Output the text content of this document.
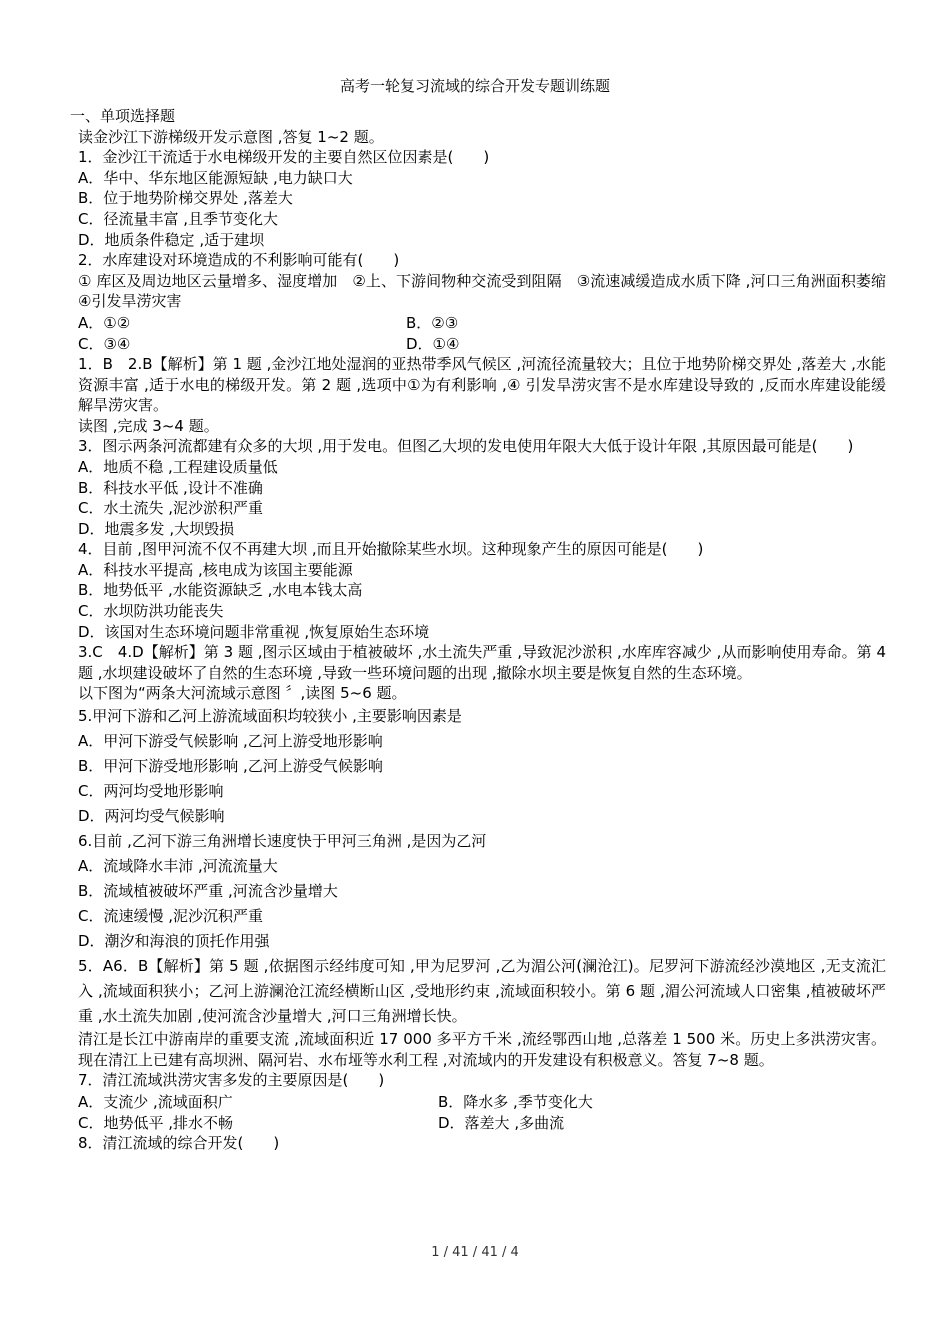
高考一轮复习流域的综合开发专题训练题
一、单项选择题
读金沙江下游梯级开发示意图 ,答复 1~2 题。
1．金沙江干流适于水电梯级开发的主要自然区位因素是(　　)
A．华中、华东地区能源短缺 ,电力缺口大
B．位于地势阶梯交界处 ,落差大
C．径流量丰富 ,且季节变化大
D．地质条件稳定 ,适于建坝
2．水库建设对环境造成的不利影响可能有(　　)
① 库区及周边地区云量增多、湿度增加　②上、下游间物种交流受到阻隔　③流速减缓造成水质下降 ,河口三角洲面积萎缩　④引发旱涝灾害
A．①②	B．②③
C．③④	D．①④
1．B　2.B【解析】第 1 题 ,金沙江地处湿润的亚热带季风气候区 ,河流径流量较大；且位于地势阶梯交界处 ,落差大 ,水能资源丰富 ,适于水电的梯级开发。第 2 题 ,选项中①为有利影响 ,④ 引发旱涝灾害不是水库建设导致的 ,反而水库建设能缓解旱涝灾害。
读图 ,完成 3~4 题。
3．图示两条河流都建有众多的大坝 ,用于发电。但图乙大坝的发电使用年限大大低于设计年限 ,其原因最可能是(　　)
A．地质不稳 ,工程建设质量低
B．科技水平低 ,设计不准确
C．水土流失 ,泥沙淤积严重
D．地震多发 ,大坝毁损
4．目前 ,图甲河流不仅不再建大坝 ,而且开始撤除某些水坝。这种现象产生的原因可能是(　　)
A．科技水平提高 ,核电成为该国主要能源
B．地势低平 ,水能资源缺乏 ,水电本钱太高
C．水坝防洪功能丧失
D．该国对生态环境问题非常重视 ,恢复原始生态环境
3.C　4.D【解析】第 3 题 ,图示区域由于植被破坏 ,水土流失严重 ,导致泥沙淤积 ,水库库容减少 ,从而影响使用寿命。第 4 题 ,水坝建设破坏了自然的生态环境 ,导致一些环境问题的出现 ,撤除水坝主要是恢复自然的生态环境。
以下图为“两条大河流域示意图 〞,读图 5~6 题。
5.甲河下游和乙河上游流域面积均较狭小 ,主要影响因素是
A．甲河下游受气候影响 ,乙河上游受地形影响
B．甲河下游受地形影响 ,乙河上游受气候影响
C．两河均受地形影响
D．两河均受气候影响
6.目前 ,乙河下游三角洲增长速度快于甲河三角洲 ,是因为乙河
A．流域降水丰沛 ,河流流量大
B．流域植被破坏严重 ,河流含沙量增大
C．流速缓慢 ,泥沙沉积严重
D．潮汐和海浪的顶托作用强
5．A6．B【解析】第 5 题 ,依据图示经纬度可知 ,甲为尼罗河 ,乙为湄公河(澜沧江)。尼罗河下游流经沙漠地区 ,无支流汇入 ,流域面积狭小；乙河上游澜沧江流经横断山区 ,受地形约束 ,流域面积较小。第 6 题 ,湄公河流域人口密集 ,植被破坏严重 ,水土流失加剧 ,使河流含沙量增大 ,河口三角洲增长快。
清江是长江中游南岸的重要支流 ,流域面积近 17 000 多平方千米 ,流经鄂西山地 ,总落差 1 500 米。历史上多洪涝灾害。现在清江上已建有高坝洲、隔河岩、水布垭等水利工程 ,对流域内的开发建设有积极意义。答复 7~8 题。
7．清江流域洪涝灾害多发的主要原因是(　　)
A．支流少 ,流域面积广	B．降水多 ,季节变化大
C．地势低平 ,排水不畅	D．落差大 ,多曲流
8．清江流域的综合开发(　　)
1 / 41 / 41 / 4
